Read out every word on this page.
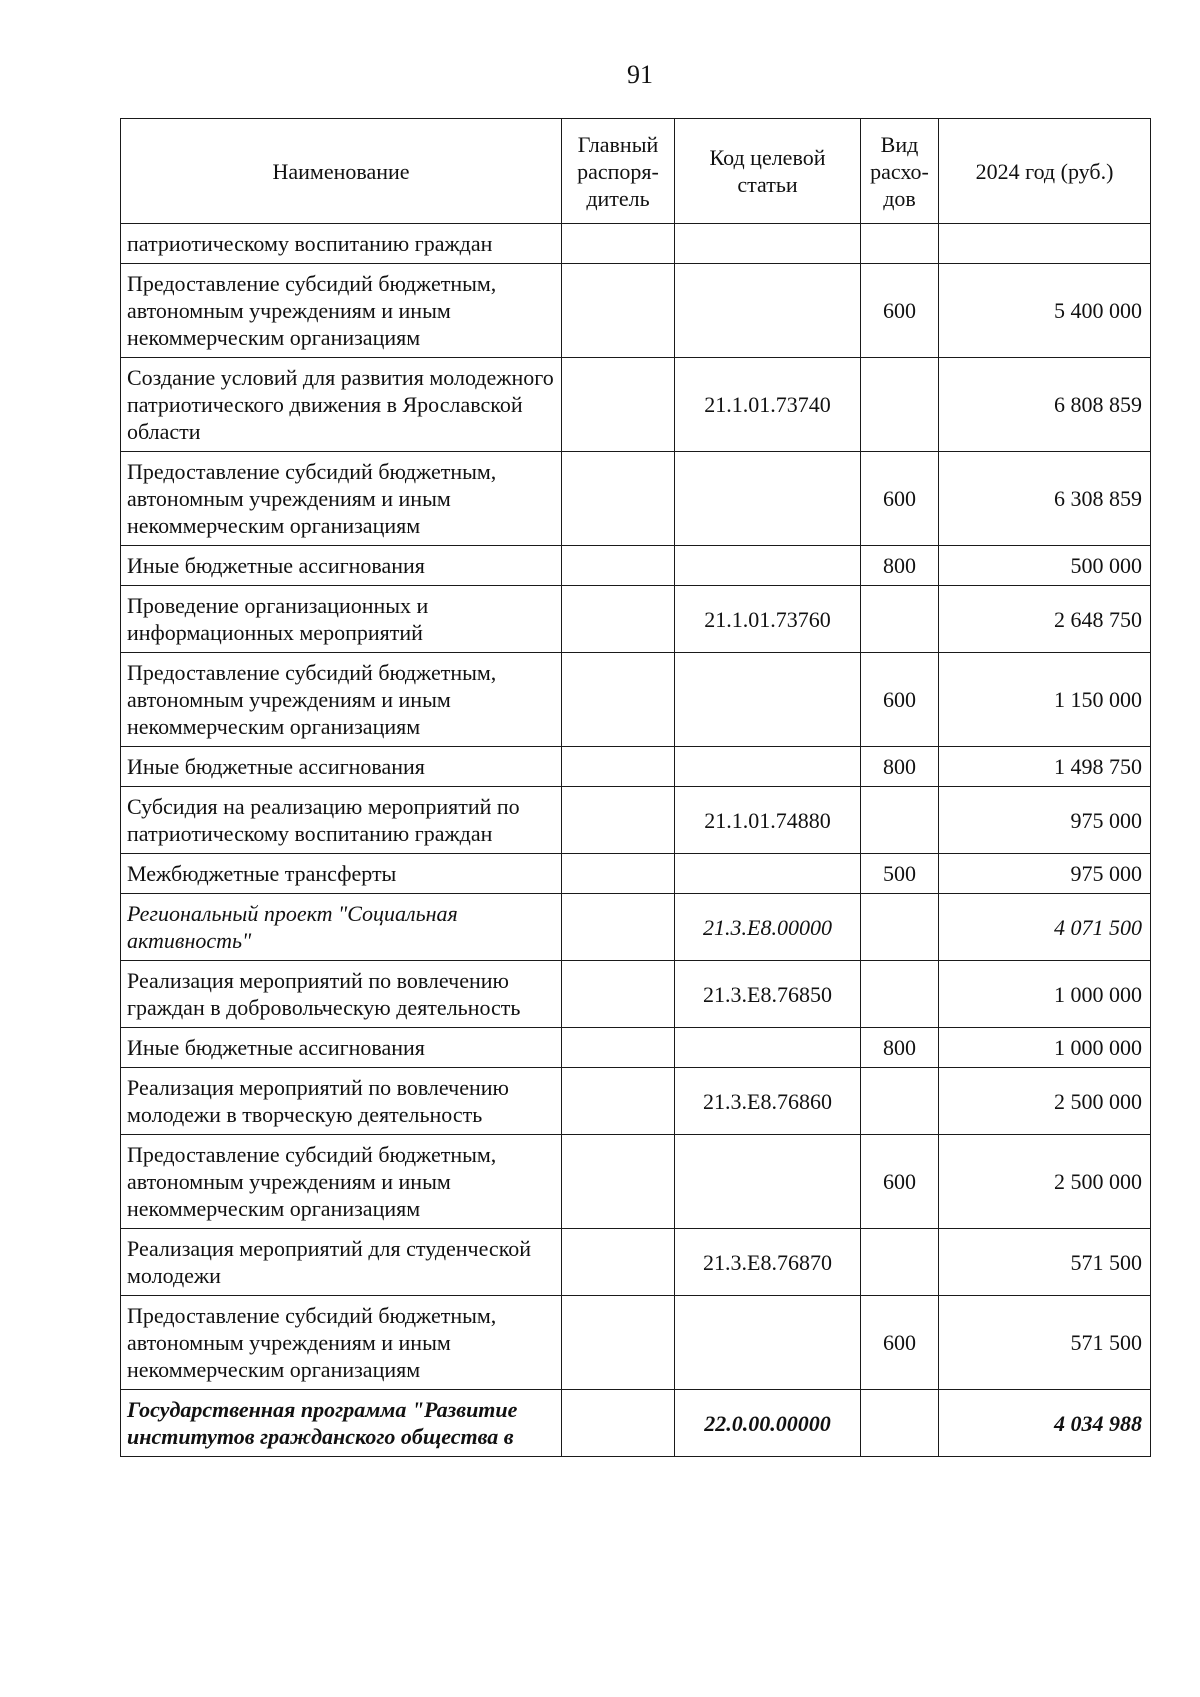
91
Наименование	Главный распоря-дитель	Код целевой статьи	Вид расхо-дов	2024 год (руб.)
патриотическому воспитанию граждан				
Предоставление субсидий бюджетным, автономным учреждениям и иным некоммерческим организациям			600	5 400 000
Создание условий для развития молодежного патриотического движения в Ярославской области		21.1.01.73740		6 808 859
Предоставление субсидий бюджетным, автономным учреждениям и иным некоммерческим организациям			600	6 308 859
Иные бюджетные ассигнования			800	500 000
Проведение организационных и информационных мероприятий		21.1.01.73760		2 648 750
Предоставление субсидий бюджетным, автономным учреждениям и иным некоммерческим организациям			600	1 150 000
Иные бюджетные ассигнования			800	1 498 750
Субсидия на реализацию мероприятий по патриотическому воспитанию граждан		21.1.01.74880		975 000
Межбюджетные трансферты			500	975 000
Региональный проект "Социальная активность"		21.3.E8.00000		4 071 500
Реализация мероприятий по вовлечению граждан в добровольческую деятельность		21.3.E8.76850		1 000 000
Иные бюджетные ассигнования			800	1 000 000
Реализация мероприятий по вовлечению молодежи в творческую деятельность		21.3.E8.76860		2 500 000
Предоставление субсидий бюджетным, автономным учреждениям и иным некоммерческим организациям			600	2 500 000
Реализация мероприятий для студенческой молодежи		21.3.E8.76870		571 500
Предоставление субсидий бюджетным, автономным учреждениям и иным некоммерческим организациям			600	571 500
Государственная программа "Развитие институтов гражданского общества в		22.0.00.00000		4 034 988
